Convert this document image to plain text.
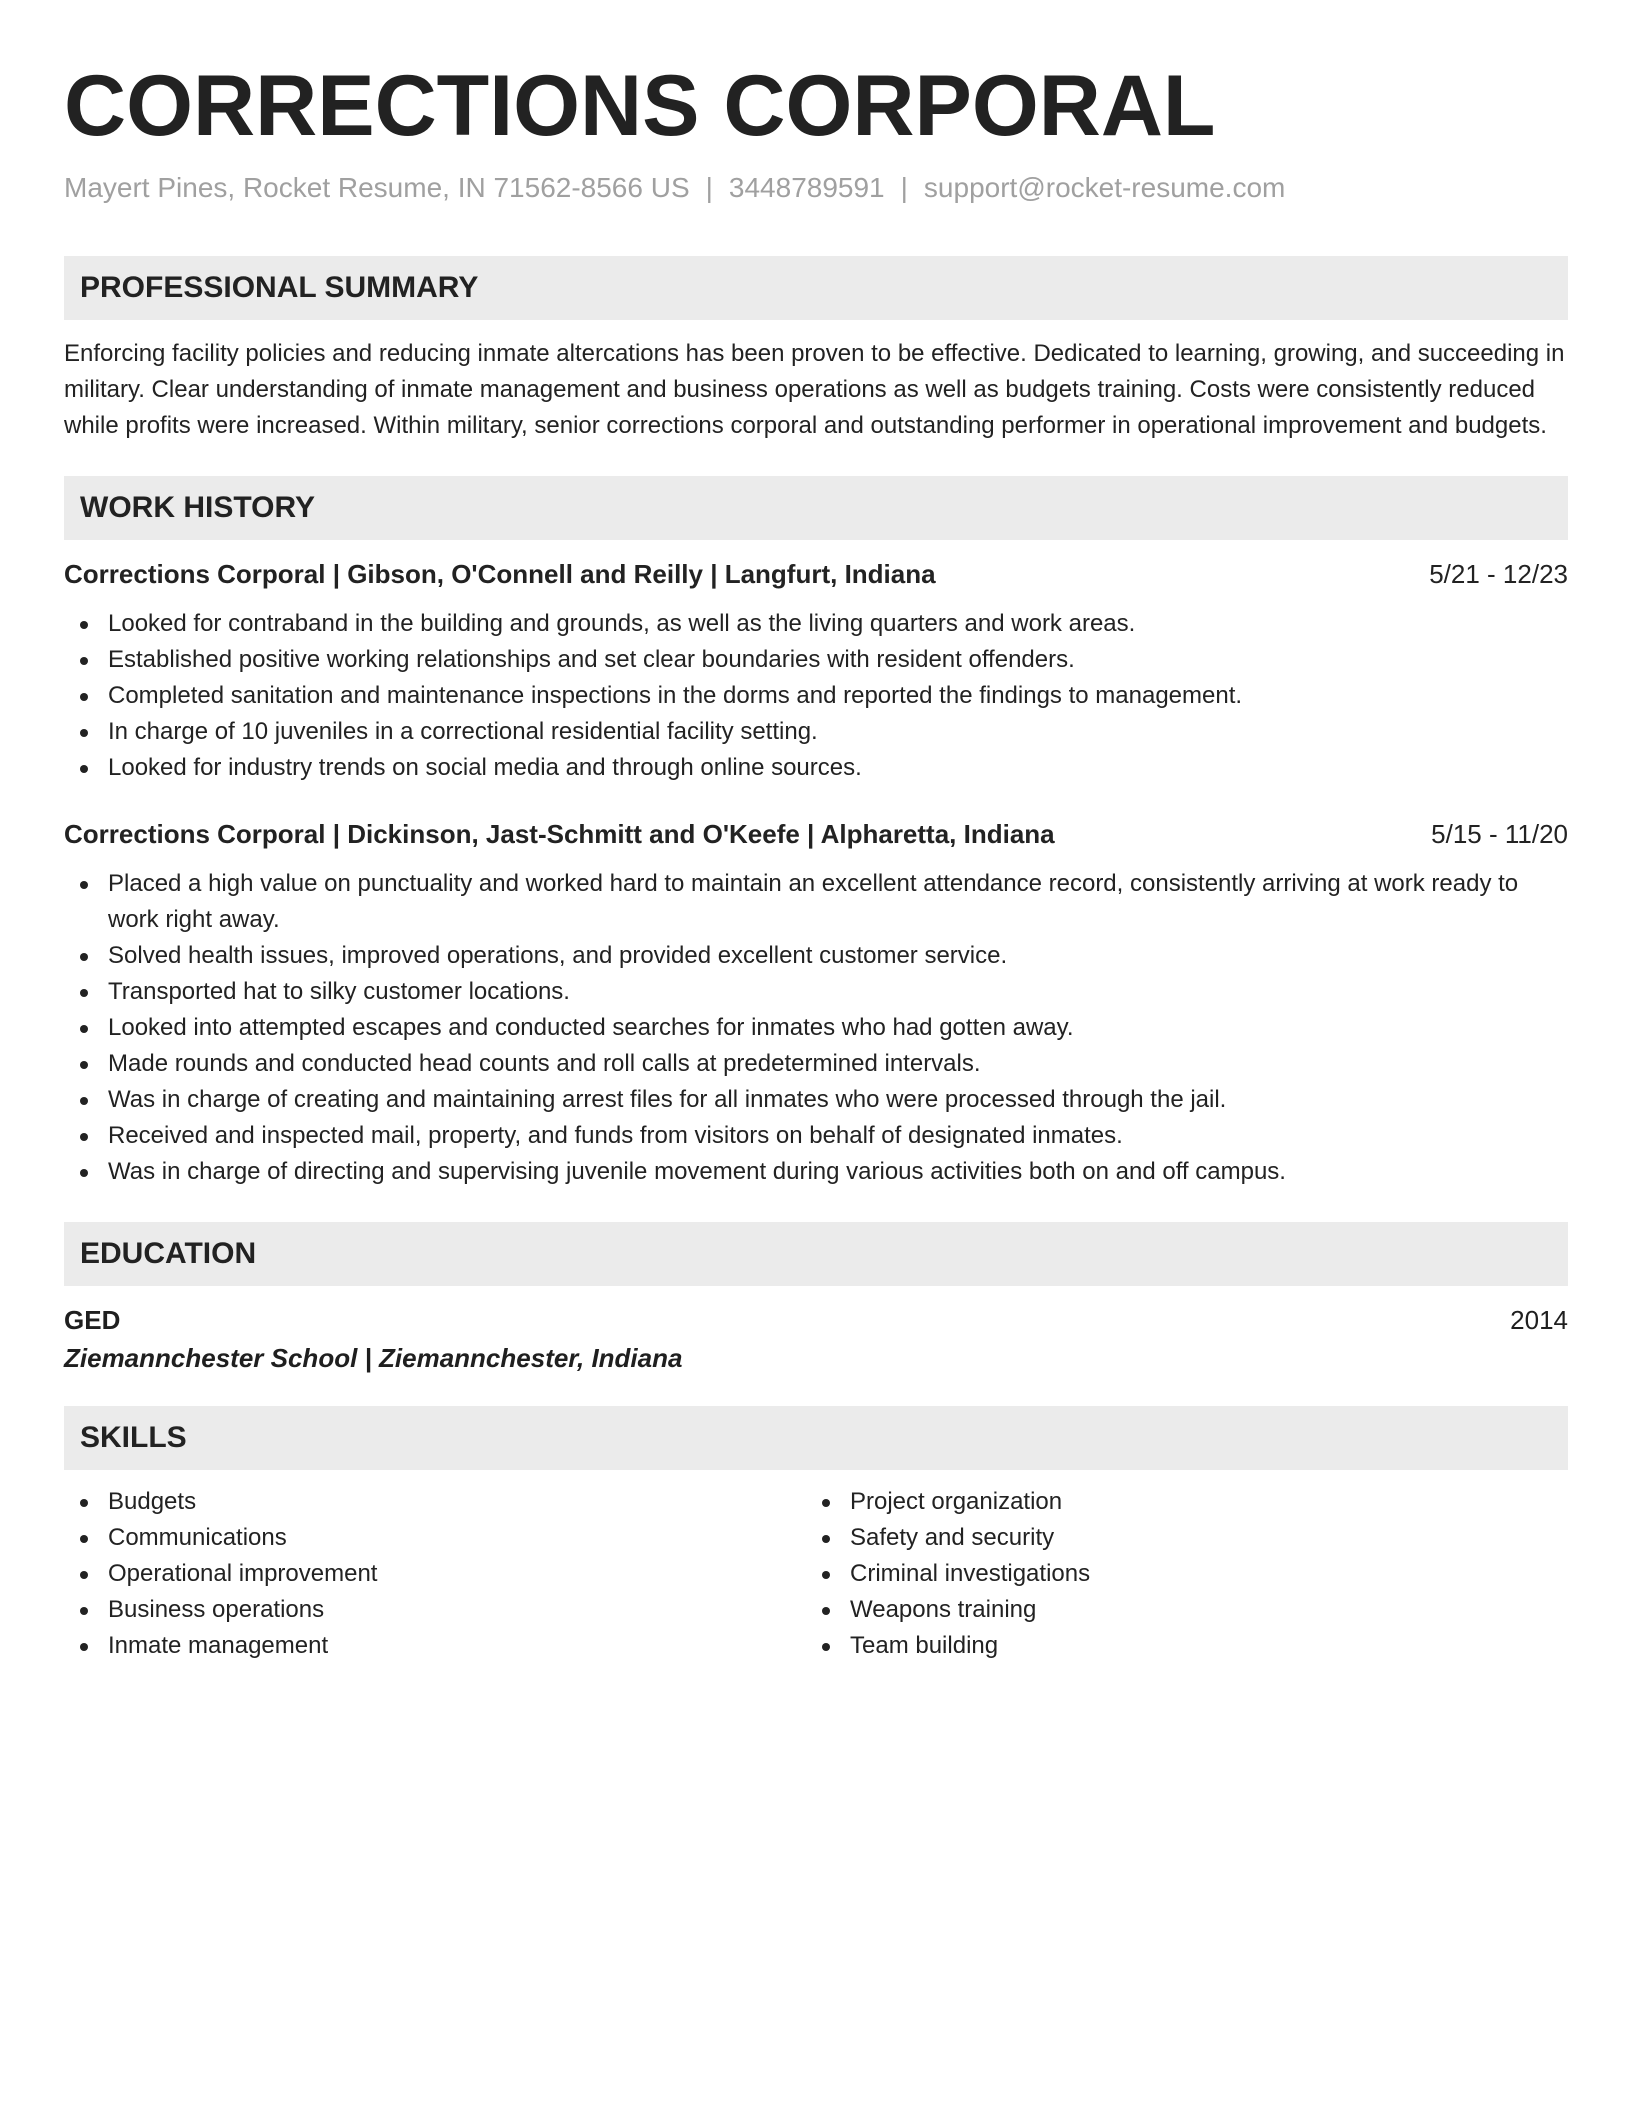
CORRECTIONS CORPORAL
Mayert Pines, Rocket Resume, IN 71562-8566 US | 3448789591 | support@rocket-resume.com
PROFESSIONAL SUMMARY

Enforcing facility policies and reducing inmate altercations has been proven to be effective. Dedicated to learning, growing, and succeeding in military. Clear understanding of inmate management and business operations as well as budgets training. Costs were consistently reduced while profits were increased. Within military, senior corrections corporal and outstanding performer in operational improvement and budgets.

WORK HISTORY
Corrections Corporal | Gibson, O'Connell and Reilly | Langfurt, Indiana	5/21 - 12/23
Looked for contraband in the building and grounds, as well as the living quarters and work areas.
Established positive working relationships and set clear boundaries with resident offenders.
Completed sanitation and maintenance inspections in the dorms and reported the findings to management.
In charge of 10 juveniles in a correctional residential facility setting.
Looked for industry trends on social media and through online sources.
Corrections Corporal | Dickinson, Jast-Schmitt and O'Keefe | Alpharetta, Indiana	5/15 - 11/20
Placed a high value on punctuality and worked hard to maintain an excellent attendance record, consistently arriving at work ready to work right away.
Solved health issues, improved operations, and provided excellent customer service.
Transported hat to silky customer locations.
Looked into attempted escapes and conducted searches for inmates who had gotten away.
Made rounds and conducted head counts and roll calls at predetermined intervals.
Was in charge of creating and maintaining arrest files for all inmates who were processed through the jail.
Received and inspected mail, property, and funds from visitors on behalf of designated inmates.
Was in charge of directing and supervising juvenile movement during various activities both on and off campus.
EDUCATION
GED	2014
Ziemannchester School | Ziemannchester, Indiana
SKILLS
Budgets
Communications
Operational improvement
Business operations
Inmate management
Project organization
Safety and security
Criminal investigations
Weapons training
Team building
